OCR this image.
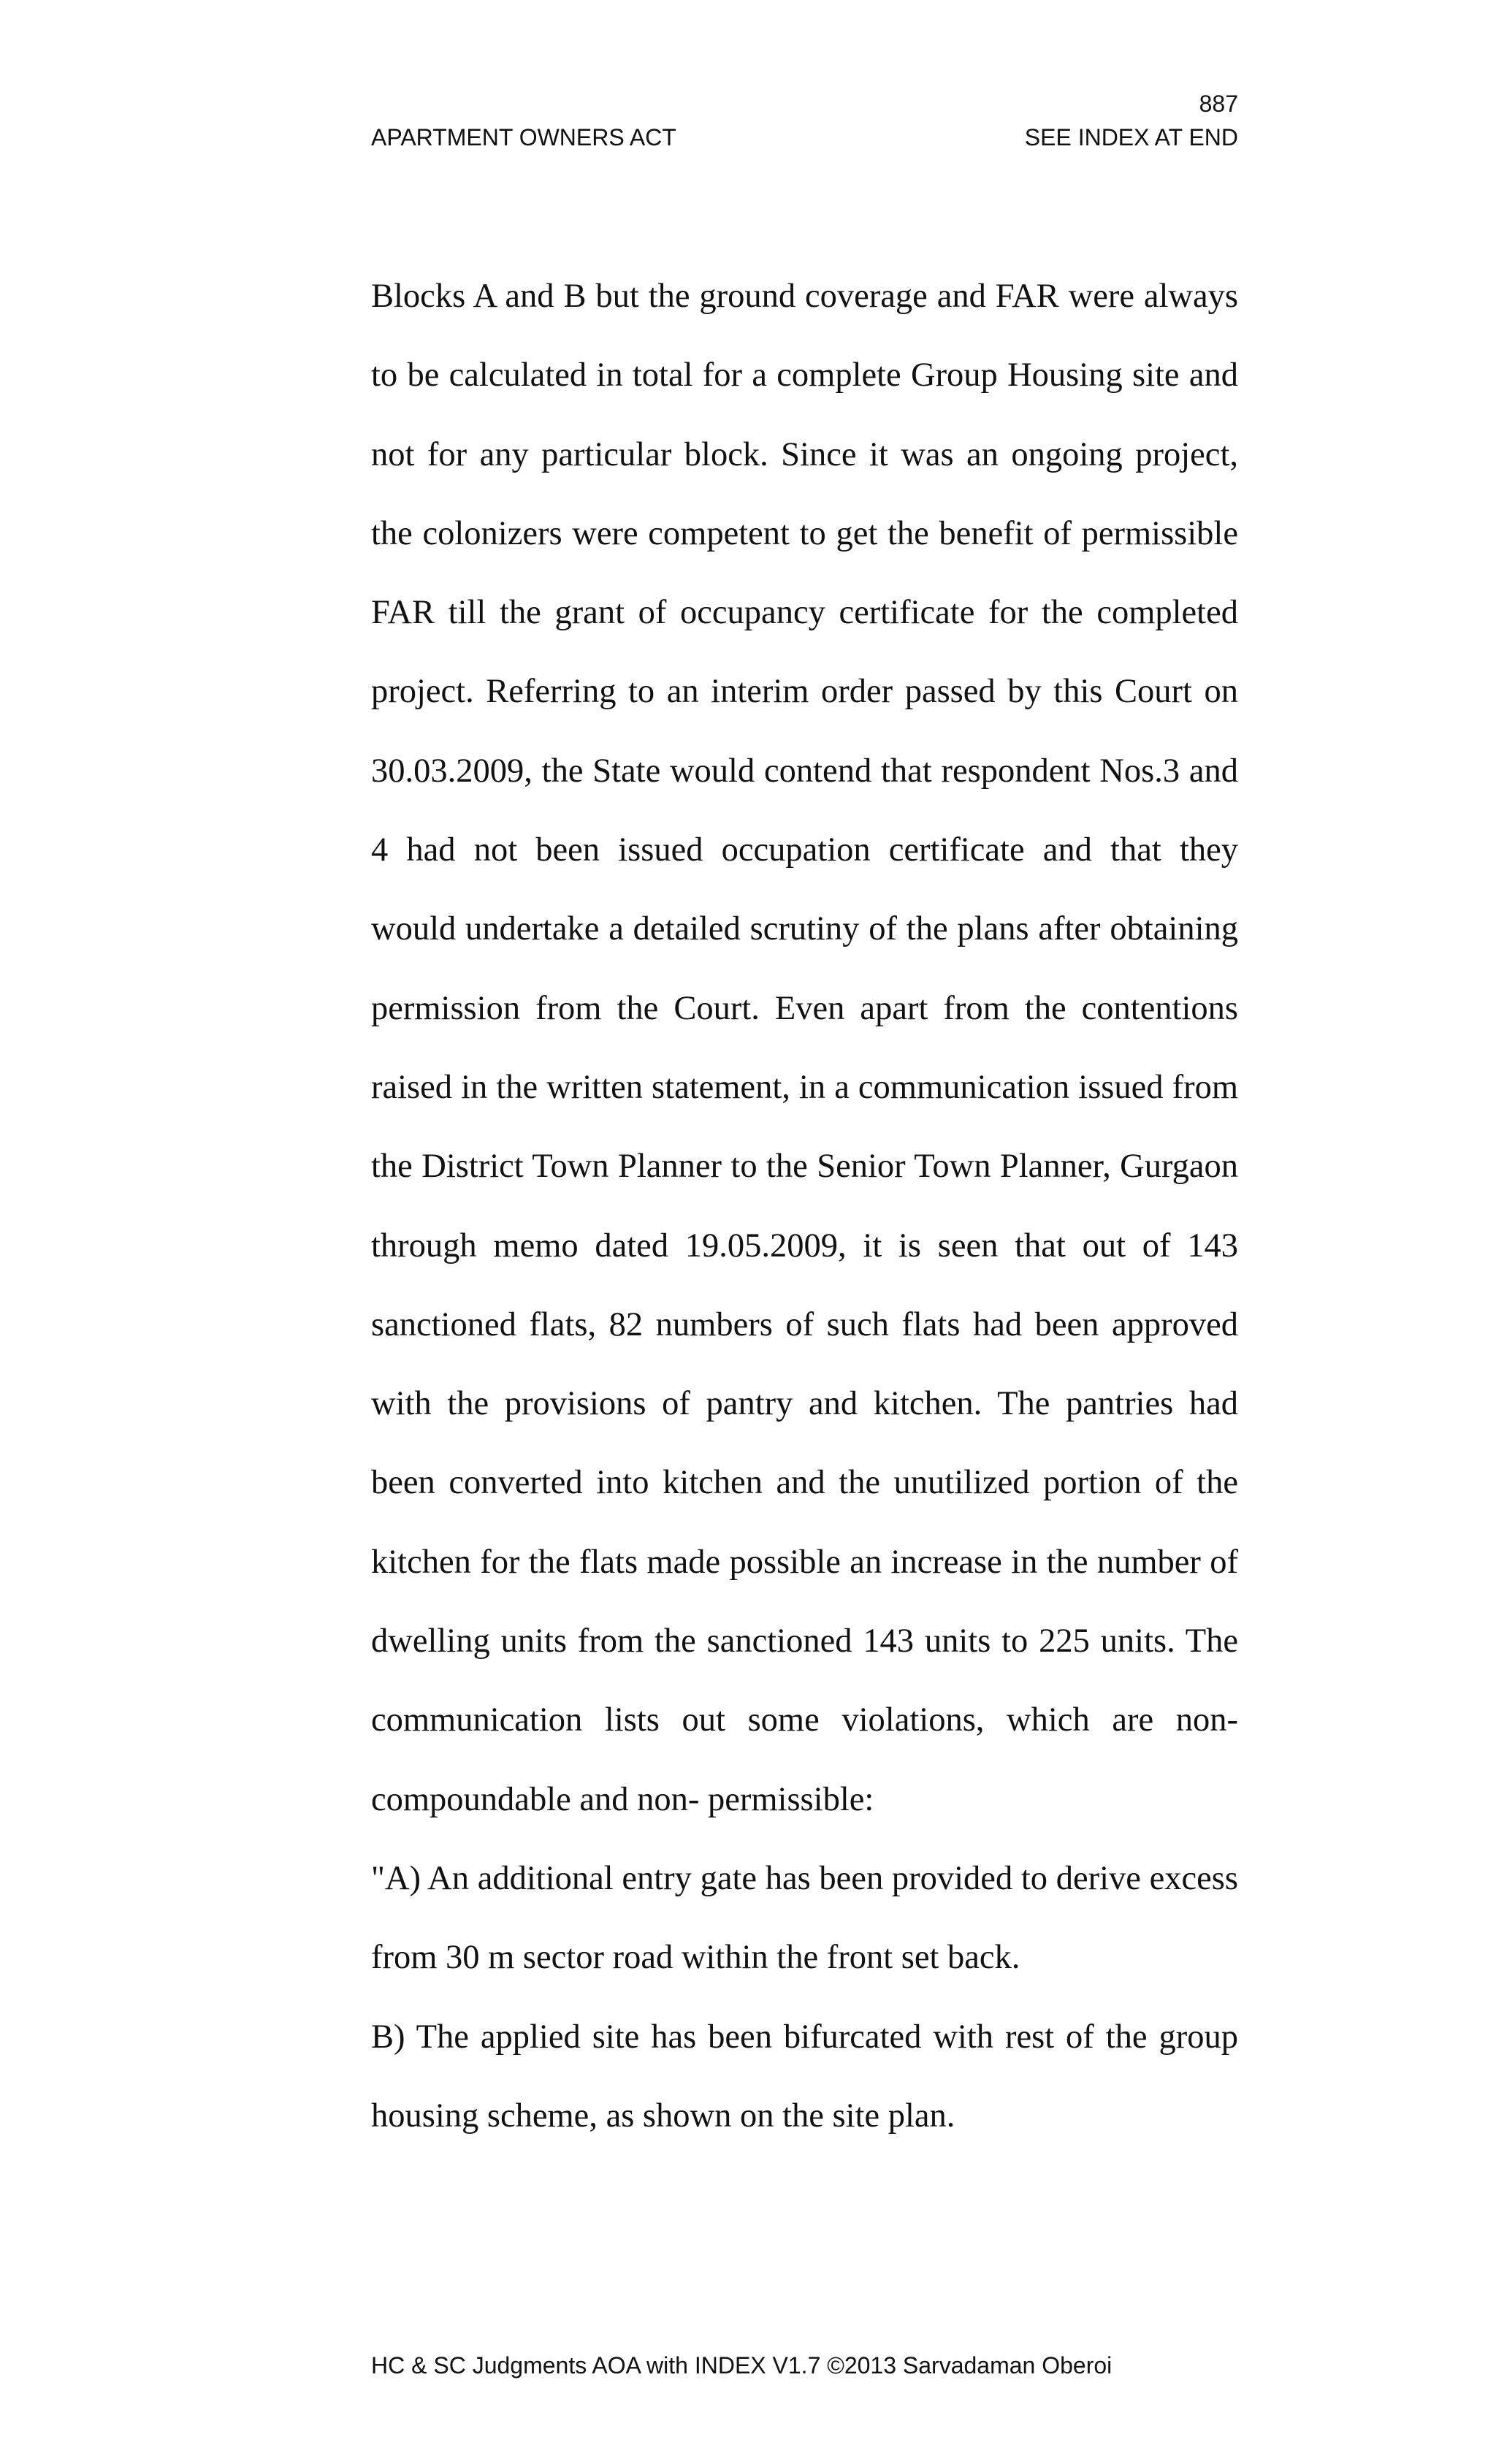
887
APARTMENT OWNERS ACT	SEE INDEX AT END

Blocks A and B but the ground coverage and FAR were always to be calculated in total for a complete Group Housing site and not for any particular block. Since it was an ongoing project, the colonizers were competent to get the benefit of permissible FAR till the grant of occupancy certificate for the completed project. Referring to an interim order passed by this Court on 30.03.2009, the State would contend that respondent Nos.3 and 4 had not been issued occupation certificate and that they would undertake a detailed scrutiny of the plans after obtaining permission from the Court. Even apart from the contentions raised in the written statement, in a communication issued from the District Town Planner to the Senior Town Planner, Gurgaon through memo dated 19.05.2009, it is seen that out of 143 sanctioned flats, 82 numbers of such flats had been approved with the provisions of pantry and kitchen. The pantries had been converted into kitchen and the unutilized portion of the kitchen for the flats made possible an increase in the number of dwelling units from the sanctioned 143 units to 225 units. The communication lists out some violations, which are non-compoundable and non- permissible:

"A) An additional entry gate has been provided to derive excess from 30 m sector road within the front set back.

B) The applied site has been bifurcated with rest of the group housing scheme, as shown on the site plan.

HC & SC Judgments AOA with INDEX V1.7 ©2013 Sarvadaman Oberoi
